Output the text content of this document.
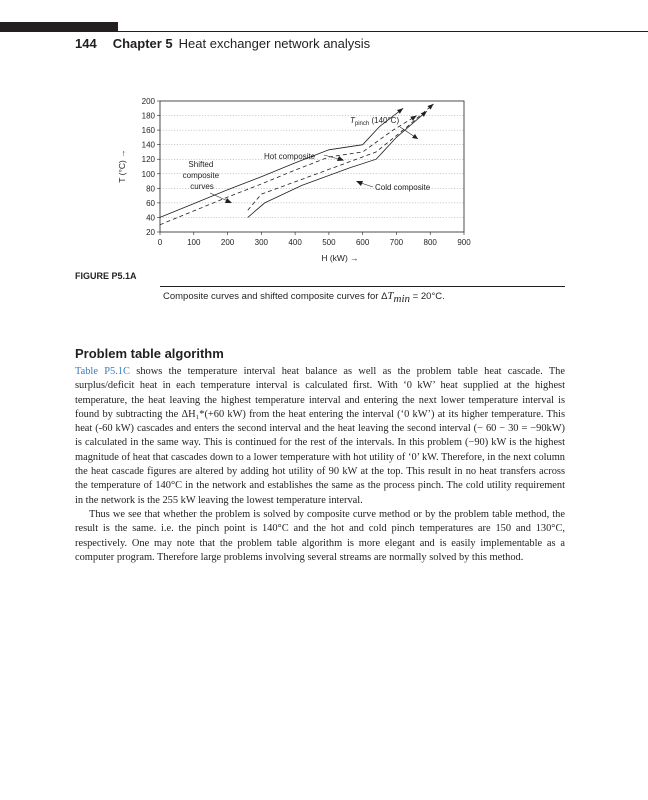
144 Chapter 5 Heat exchanger network analysis
20
40
60
80
100
120
140
160
180
200
0	100	200	300	400	500	600	700	800	900
T (°C) →
H (kW) →
$T_{pinch}$ (140°C)
Hot composite
Cold composite
Shifted composite curves
FIGURE P5.1A
Composite curves and shifted composite curves for $\Delta T_{min} = 20^\circ C$.
Problem table algorithm

Table P5.1C shows the temperature interval heat balance as well as the problem table heat cascade. The surplus/deficit heat in each temperature interval is calculated first. With ‘0 kW’ heat supplied at the highest temperature, the heat leaving the highest temperature interval and entering the next lower temperature interval is found by subtracting the ΔH₁*(+60 kW) from the heat entering the interval (‘0 kW’) at its higher temperature. This heat (-60 kW) cascades and enters the second interval and the heat leaving the second interval (− 60 − 30 = −90kW) is calculated in the same way. This is continued for the rest of the intervals. In this problem (−90) kW is the highest magnitude of heat that cascades down to a lower temperature with hot utility of ‘0’ kW. Therefore, in the next column the heat cascade figures are altered by adding hot utility of 90 kW at the top. This result in no heat transfers across the temperature of 140°C in the network and establishes the same as the process pinch. The cold utility requirement in the network is the 255 kW leaving the lowest temperature interval.

Thus we see that whether the problem is solved by composite curve method or by the problem table method, the result is the same. i.e. the pinch point is 140°C and the hot and cold pinch temperatures are 150 and 130°C, respectively. One may note that the problem table algorithm is more elegant and is easily implementable as a computer program. Therefore large problems involving several streams are normally solved by this method.
